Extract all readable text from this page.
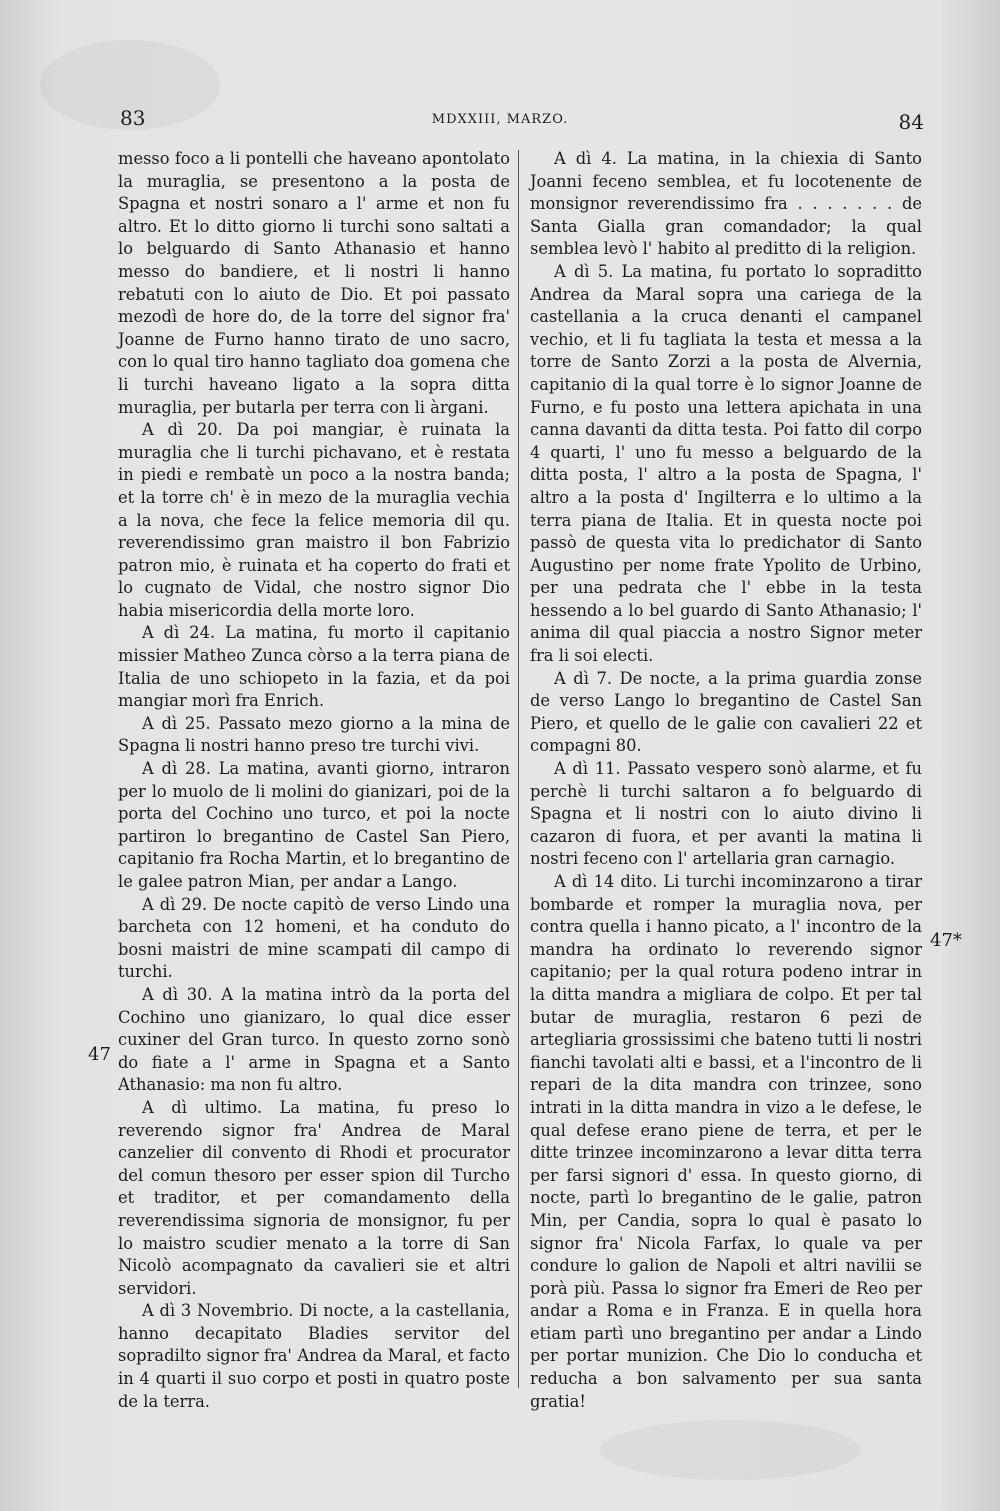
83	MDXXIII, MARZO.	84

messo foco a li pontelli che haveano apontolato la muraglia, se presentono a la posta de Spagna et nostri sonaro a l' arme et non fu altro. Et lo ditto giorno li turchi sono saltati a lo belguardo di Santo Athanasio et hanno messo do bandiere, et li nostri li hanno rebatuti con lo aiuto de Dio. Et poi passato mezodì de hore do, de la torre del signor fra' Joanne de Furno hanno tirato de uno sacro, con lo qual tiro hanno tagliato doa gomena che li turchi haveano ligato a la sopra ditta muraglia, per butarla per terra con li àrgani.

A dì 20. Da poi mangiar, è ruinata la muraglia che li turchi pichavano, et è restata in piedi e rembatè un poco a la nostra banda; et la torre ch' è in mezo de la muraglia vechia a la nova, che fece la felice memoria dil qu. reverendissimo gran maistro il bon Fabrizio patron mio, è ruinata et ha coperto do frati et lo cugnato de Vidal, che nostro signor Dio habia misericordia della morte loro.

A dì 24. La matina, fu morto il capitanio missier Matheo Zunca còrso a la terra piana de Italia de uno schiopeto in la fazia, et da poi mangiar morì fra Enrich.

A dì 25. Passato mezo giorno a la mina de Spagna li nostri hanno preso tre turchi vivi.

A dì 28. La matina, avanti giorno, intraron per lo muolo de li molini do gianizari, poi de la porta del Cochino uno turco, et poi la nocte partiron lo bregantino de Castel San Piero, capitanio fra Rocha Martin, et lo bregantino de le galee patron Mian, per andar a Lango.

A dì 29. De nocte capitò de verso Lindo una barcheta con 12 homeni, et ha conduto do bosni maistri de mine scampati dil campo di turchi.

A dì 30. A la matina intrò da la porta del Cochino uno gianizaro, lo qual dice esser cuxiner del Gran turco. In questo zorno sonò do fiate a l' arme in Spagna et a Santo Athanasio: ma non fu altro.

A dì ultimo. La matina, fu preso lo reverendo signor fra' Andrea de Maral canzelier dil convento di Rhodi et procurator del comun thesoro per esser spion dil Turcho et traditor, et per comandamento della reverendissima signoria de monsignor, fu per lo maistro scudier menato a la torre di San Nicolò acompagnato da cavalieri sie et altri servidori.

A dì 3 Novembrio. Di nocte, a la castellania, hanno decapitato Bladies servitor del sopradilto signor fra' Andrea da Maral, et facto in 4 quarti il suo corpo et posti in quatro poste de la terra.

A dì 4. La matina, in la chiexia di Santo Joanni feceno semblea, et fu locotenente de monsignor reverendissimo fra . . . . . . . de Santa Gialla gran comandador; la qual semblea levò l' habito al preditto di la religion.

A dì 5. La matina, fu portato lo sopraditto Andrea da Maral sopra una cariega de la castellania a la cruca denanti el campanel vechio, et li fu tagliata la testa et messa a la torre de Santo Zorzi a la posta de Alvernia, capitanio di la qual torre è lo signor Joanne de Furno, e fu posto una lettera apichata in una canna davanti da ditta testa. Poi fatto dil corpo 4 quarti, l' uno fu messo a belguardo de la ditta posta, l' altro a la posta de Spagna, l' altro a la posta d' Ingilterra e lo ultimo a la terra piana de Italia. Et in questa nocte poi passò de questa vita lo predichator di Santo Augustino per nome frate Ypolito de Urbino, per una pedrata che l' ebbe in la testa hessendo a lo bel guardo di Santo Athanasio; l' anima dil qual piaccia a nostro Signor meter fra li soi electi.

A dì 7. De nocte, a la prima guardia zonse de verso Lango lo bregantino de Castel San Piero, et quello de le galie con cavalieri 22 et compagni 80.

A dì 11. Passato vespero sonò alarme, et fu perchè li turchi saltaron a fo belguardo di Spagna et li nostri con lo aiuto divino li cazaron di fuora, et per avanti la matina li nostri feceno con l' artellaria gran carnagio.

A dì 14 dito. Li turchi incominzarono a tirar bombarde et romper la muraglia nova, per contra quella i hanno picato, a l' incontro de la mandra ha ordinato lo reverendo signor capitanio; per la qual rotura podeno intrar in la ditta mandra a migliara de colpo. Et per tal butar de muraglia, restaron 6 pezi de artegliaria grossissimi che bateno tutti li nostri fianchi tavolati alti e bassi, et a l'incontro de li repari de la dita mandra con trinzee, sono intrati in la ditta mandra in vizo a le defese, le qual defese erano piene de terra, et per le ditte trinzee incominzarono a levar ditta terra per farsi signori d' essa. In questo giorno, di nocte, partì lo bregantino de le galie, patron Min, per Candia, sopra lo qual è pasato lo signor fra' Nicola Farfax, lo quale va per condure lo galion de Napoli et altri navilii se porà più. Passa lo signor fra Emeri de Reo per andar a Roma e in Franza. E in quella hora etiam partì uno bregantino per andar a Lindo per portar munizion. Che Dio lo conducha et reducha a bon salvamento per sua santa gratia!

47
47*
